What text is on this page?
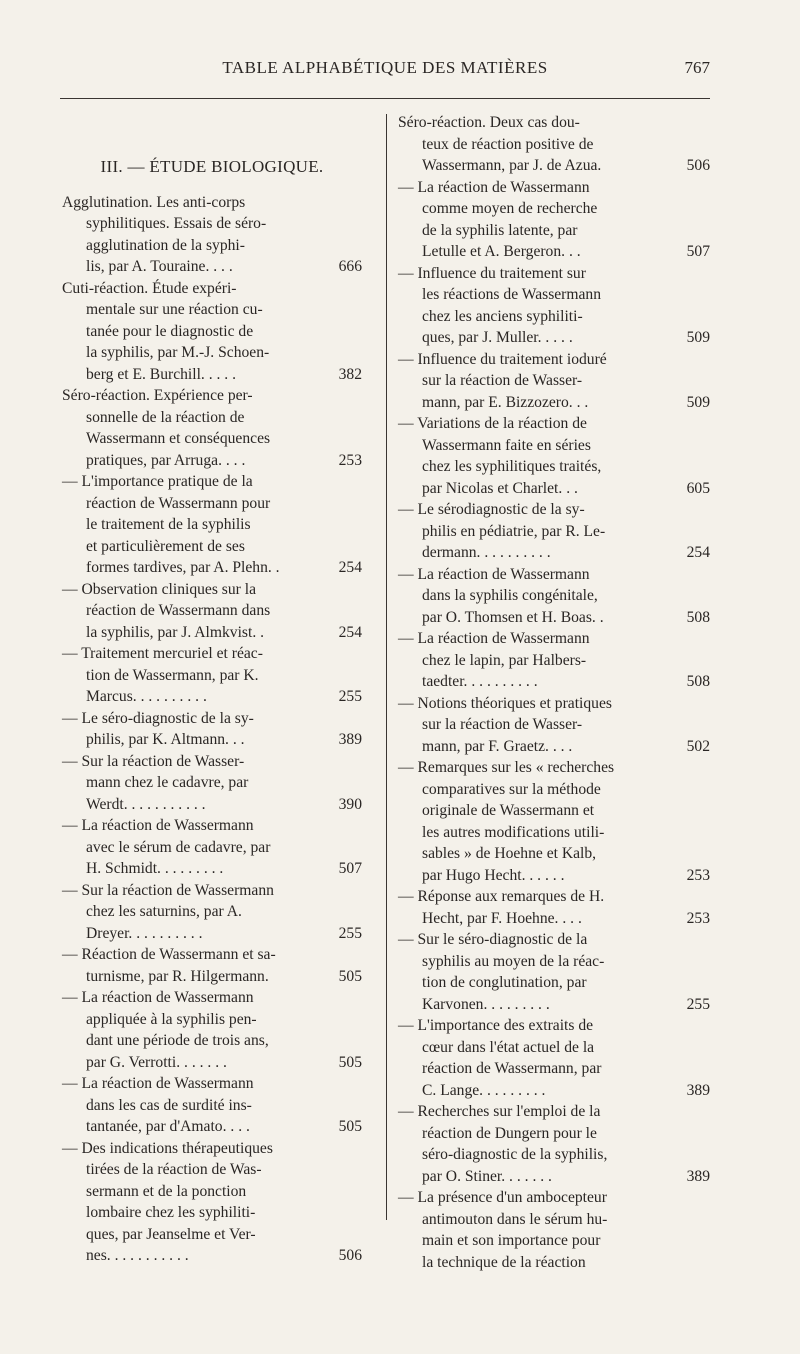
TABLE ALPHABÉTIQUE DES MATIÈRES	767
III. — ÉTUDE BIOLOGIQUE.
Agglutination. Les anti-corps
syphilitiques. Essais de séro-
agglutination de la syphi-
lis, par A. Touraine. . . .	666
Cuti-réaction. Étude expéri-
mentale sur une réaction cu-
tanée pour le diagnostic de
la syphilis, par M.-J. Schoen-
berg et E. Burchill. . . . .	382
Séro-réaction. Expérience per-
sonnelle de la réaction de
Wassermann et conséquences
pratiques, par Arruga. . . .	253
— L'importance pratique de la
réaction de Wassermann pour
le traitement de la syphilis
et particulièrement de ses
formes tardives, par A. Plehn. .	254
— Observation cliniques sur la
réaction de Wassermann dans
la syphilis, par J. Almkvist. .	254
— Traitement mercuriel et réac-
tion de Wassermann, par K.
Marcus. . . . . . . . . .	255
— Le séro-diagnostic de la sy-
philis, par K. Altmann. . .	389
— Sur la réaction de Wasser-
mann chez le cadavre, par
Werdt. . . . . . . . . . .	390
— La réaction de Wassermann
avec le sérum de cadavre, par
H. Schmidt. . . . . . . . .	507
— Sur la réaction de Wassermann
chez les saturnins, par A.
Dreyer. . . . . . . . . .	255
— Réaction de Wassermann et sa-
turnisme, par R. Hilgermann.	505
— La réaction de Wassermann
appliquée à la syphilis pen-
dant une période de trois ans,
par G. Verrotti. . . . . . .	505
— La réaction de Wassermann
dans les cas de surdité ins-
tantanée, par d'Amato. . . .	505
— Des indications thérapeutiques
tirées de la réaction de Was-
sermann et de la ponction
lombaire chez les syphiliti-
ques, par Jeanselme et Ver-
nes. . . . . . . . . . .	506
Séro-réaction. Deux cas dou-
teux de réaction positive de
Wassermann, par J. de Azua.	506
— La réaction de Wassermann
comme moyen de recherche
de la syphilis latente, par
Letulle et A. Bergeron. . .	507
— Influence du traitement sur
les réactions de Wassermann
chez les anciens syphiliti-
ques, par J. Muller. . . . .	509
— Influence du traitement ioduré
sur la réaction de Wasser-
mann, par E. Bizzozero. . .	509
— Variations de la réaction de
Wassermann faite en séries
chez les syphilitiques traités,
par Nicolas et Charlet. . .	605
— Le sérodiagnostic de la sy-
philis en pédiatrie, par R. Le-
dermann. . . . . . . . . .	254
— La réaction de Wassermann
dans la syphilis congénitale,
par O. Thomsen et H. Boas. .	508
— La réaction de Wassermann
chez le lapin, par Halbers-
taedter. . . . . . . . . .	508
— Notions théoriques et pratiques
sur la réaction de Wasser-
mann, par F. Graetz. . . .	502
— Remarques sur les « recherches
comparatives sur la méthode
originale de Wassermann et
les autres modifications utili-
sables » de Hoehne et Kalb,
par Hugo Hecht. . . . . .	253
— Réponse aux remarques de H.
Hecht, par F. Hoehne. . . .	253
— Sur le séro-diagnostic de la
syphilis au moyen de la réac-
tion de conglutination, par
Karvonen. . . . . . . . .	255
— L'importance des extraits de
cœur dans l'état actuel de la
réaction de Wassermann, par
C. Lange. . . . . . . . .	389
— Recherches sur l'emploi de la
réaction de Dungern pour le
séro-diagnostic de la syphilis,
par O. Stiner. . . . . . .	389
— La présence d'un ambocepteur
antimouton dans le sérum hu-
main et son importance pour
la technique de la réaction
